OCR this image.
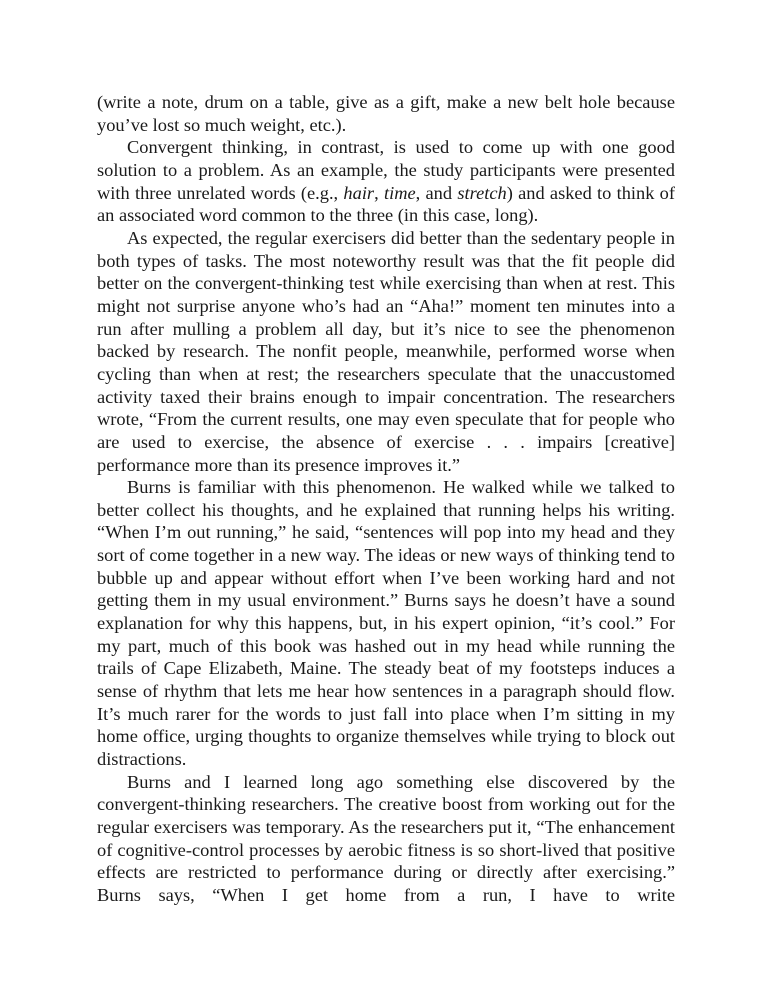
(write a note, drum on a table, give as a gift, make a new belt hole because you’ve lost so much weight, etc.).

Convergent thinking, in contrast, is used to come up with one good solution to a problem. As an example, the study participants were presented with three unrelated words (e.g., hair, time, and stretch) and asked to think of an associated word common to the three (in this case, long).

As expected, the regular exercisers did better than the sedentary people in both types of tasks. The most noteworthy result was that the fit people did better on the convergent-thinking test while exercising than when at rest. This might not surprise anyone who’s had an “Aha!” moment ten minutes into a run after mulling a problem all day, but it’s nice to see the phenomenon backed by research. The nonfit people, meanwhile, performed worse when cycling than when at rest; the researchers speculate that the unaccustomed activity taxed their brains enough to impair concentration. The researchers wrote, “From the current results, one may even speculate that for people who are used to exercise, the absence of exercise . . . impairs [creative] performance more than its presence improves it.”

Burns is familiar with this phenomenon. He walked while we talked to better collect his thoughts, and he explained that running helps his writing. “When I’m out running,” he said, “sentences will pop into my head and they sort of come together in a new way. The ideas or new ways of thinking tend to bubble up and appear without effort when I’ve been working hard and not getting them in my usual environment.” Burns says he doesn’t have a sound explanation for why this happens, but, in his expert opinion, “it’s cool.” For my part, much of this book was hashed out in my head while running the trails of Cape Elizabeth, Maine. The steady beat of my footsteps induces a sense of rhythm that lets me hear how sentences in a paragraph should flow. It’s much rarer for the words to just fall into place when I’m sitting in my home office, urging thoughts to organize themselves while trying to block out distractions.

Burns and I learned long ago something else discovered by the convergent-thinking researchers. The creative boost from working out for the regular exercisers was temporary. As the researchers put it, “The enhancement of cognitive-control processes by aerobic fitness is so short-lived that positive effects are restricted to performance during or directly after exercising.” Burns says, “When I get home from a run, I have to write
